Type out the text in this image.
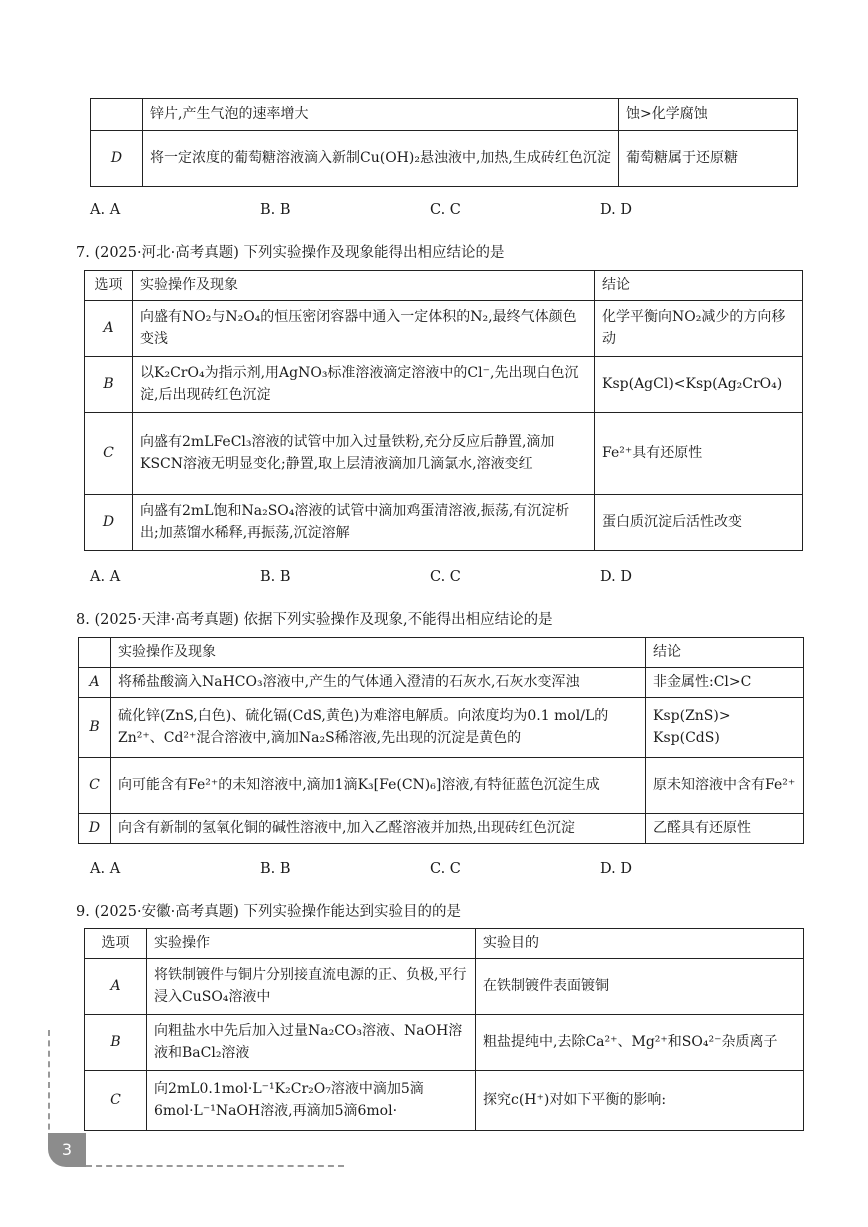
	锌片,产生气泡的速率增大	蚀>化学腐蚀
D	将一定浓度的葡萄糖溶液滴入新制Cu(OH)₂悬浊液中,加热,生成砖红色沉淀	葡萄糖属于还原糖
A. A	B. B	C. C	D. D
7. (2025·河北·高考真题) 下列实验操作及现象能得出相应结论的是
选项	实验操作及现象	结论
A	向盛有NO₂与N₂O₄的恒压密闭容器中通入一定体积的N₂,最终气体颜色变浅	化学平衡向NO₂减少的方向移动
B	以K₂CrO₄为指示剂,用AgNO₃标准溶液滴定溶液中的Cl⁻,先出现白色沉淀,后出现砖红色沉淀	Ksp(AgCl)<Ksp(Ag₂CrO₄)
C	向盛有2mLFeCl₃溶液的试管中加入过量铁粉,充分反应后静置,滴加KSCN溶液无明显变化;静置,取上层清液滴加几滴氯水,溶液变红	Fe²⁺具有还原性
D	向盛有2mL饱和Na₂SO₄溶液的试管中滴加鸡蛋清溶液,振荡,有沉淀析出;加蒸馏水稀释,再振荡,沉淀溶解	蛋白质沉淀后活性改变
A. A	B. B	C. C	D. D
8. (2025·天津·高考真题) 依据下列实验操作及现象,不能得出相应结论的是
	实验操作及现象	结论
A	将稀盐酸滴入NaHCO₃溶液中,产生的气体通入澄清的石灰水,石灰水变浑浊	非金属性:Cl>C
B	硫化锌(ZnS,白色)、硫化镉(CdS,黄色)为难溶电解质。向浓度均为0.1 mol/L的Zn²⁺、Cd²⁺混合溶液中,滴加Na₂S稀溶液,先出现的沉淀是黄色的	Ksp(ZnS)> Ksp(CdS)
C	向可能含有Fe²⁺的未知溶液中,滴加1滴K₃[Fe(CN)₆]溶液,有特征蓝色沉淀生成	原未知溶液中含有Fe²⁺
D	向含有新制的氢氧化铜的碱性溶液中,加入乙醛溶液并加热,出现砖红色沉淀	乙醛具有还原性
A. A	B. B	C. C	D. D
9. (2025·安徽·高考真题) 下列实验操作能达到实验目的的是
选项	实验操作	实验目的
A	将铁制镀件与铜片分别接直流电源的正、负极,平行浸入CuSO₄溶液中	在铁制镀件表面镀铜
B	向粗盐水中先后加入过量Na₂CO₃溶液、NaOH溶液和BaCl₂溶液	粗盐提纯中,去除Ca²⁺、Mg²⁺和SO₄²⁻杂质离子
C	向2mL0.1mol·L⁻¹K₂Cr₂O₇溶液中滴加5滴6mol·L⁻¹NaOH溶液,再滴加5滴6mol·	探究c(H⁺)对如下平衡的影响:
3
